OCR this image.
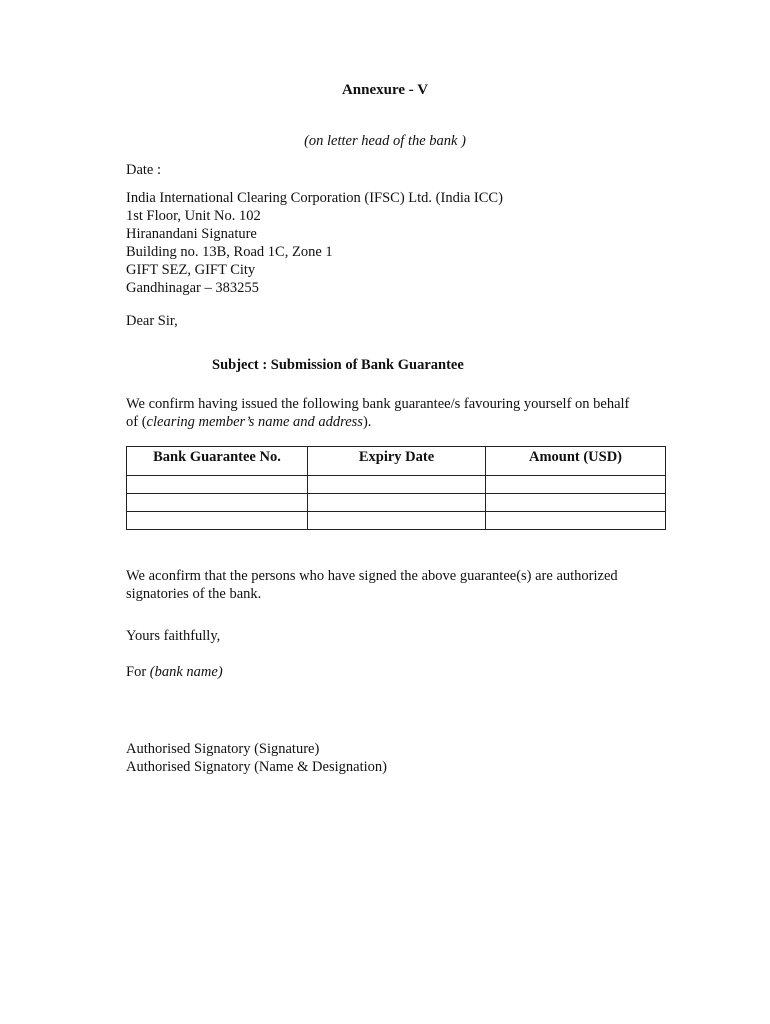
Annexure - V
(on letter head of the bank )
Date :
India International Clearing Corporation (IFSC) Ltd. (India ICC)
1st Floor, Unit No. 102
Hiranandani Signature
Building no. 13B, Road 1C, Zone 1
GIFT SEZ, GIFT City
Gandhinagar – 383255
Dear Sir,
Subject : Submission of Bank Guarantee
We confirm having issued the following bank guarantee/s favouring yourself on behalf
of (clearing member’s name and address).
Bank Guarantee No.	Expiry Date	Amount (USD)

We aconfirm that the persons who have signed the above guarantee(s) are authorized
signatories of the bank.
Yours faithfully,
For (bank name)
Authorised Signatory (Signature)
Authorised Signatory (Name & Designation)
